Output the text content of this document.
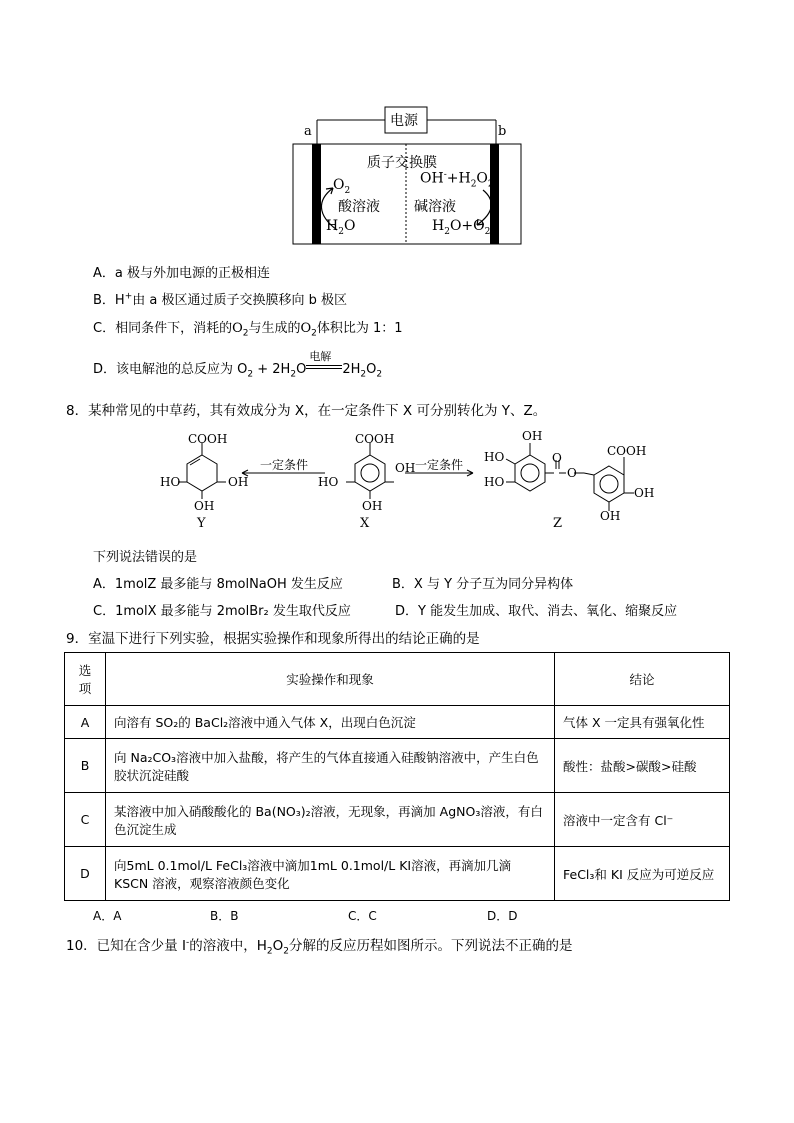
电源
a	b
质子交换膜
酸溶液 碱溶液
$O_2$
$H_2O$
$OH^-+H_2O_2$
$H_2O+O_2$
A．a 极与外加电源的正极相连
B．H+由 a 极区通过质子交换膜移向 b 极区
C．相同条件下，消耗的$O_2$与生成的$O_2$体积比为 1：1
D．该电解池的总反应为 $O_2 + 2H_2O$
电解
$2H_2O_2$
8．某种常见的中草药，其有效成分为 X，在一定条件下 X 可分别转化为 Y、Z。
COOH
HO	OH
OH
Y
一定条件
COOH
HO
OH
OH
X
一定条件
OH
HO
HO
O
O	COOH
OH
OH
Z
下列说法错误的是
A．1molZ 最多能与 8molNaOH 发生反应	B．X 与 Y 分子互为同分异构体
C．1molX 最多能与 2molBr₂ 发生取代反应	D．Y 能发生加成、取代、消去、氧化、缩聚反应
9．室温下进行下列实验，根据实验操作和现象所得出的结论正确的是
选项	实验操作和现象	结论
A	向溶有 SO₂的 BaCl₂溶液中通入气体 X，出现白色沉淀	气体 X 一定具有强氧化性
B	向 Na₂CO₃溶液中加入盐酸，将产生的气体直接通入硅酸钠溶液中，产生白色胶状沉淀硅酸	酸性：盐酸>碳酸>硅酸
C	某溶液中加入硝酸酸化的 Ba(NO₃)₂溶液，无现象，再滴加 AgNO₃溶液，有白色沉淀生成	溶液中一定含有 Cl⁻
D	向5mL 0.1mol/L FeCl₃溶液中滴加1mL 0.1mol/L KI溶液，再滴加几滴 KSCN 溶液，观察溶液颜色变化	FeCl₃和 KI 反应为可逆反应
A．A	B．B	C．C	D．D
10．已知在含少量 I-的溶液中，$H_2O_2$分解的反应历程如图所示。下列说法不正确的是
